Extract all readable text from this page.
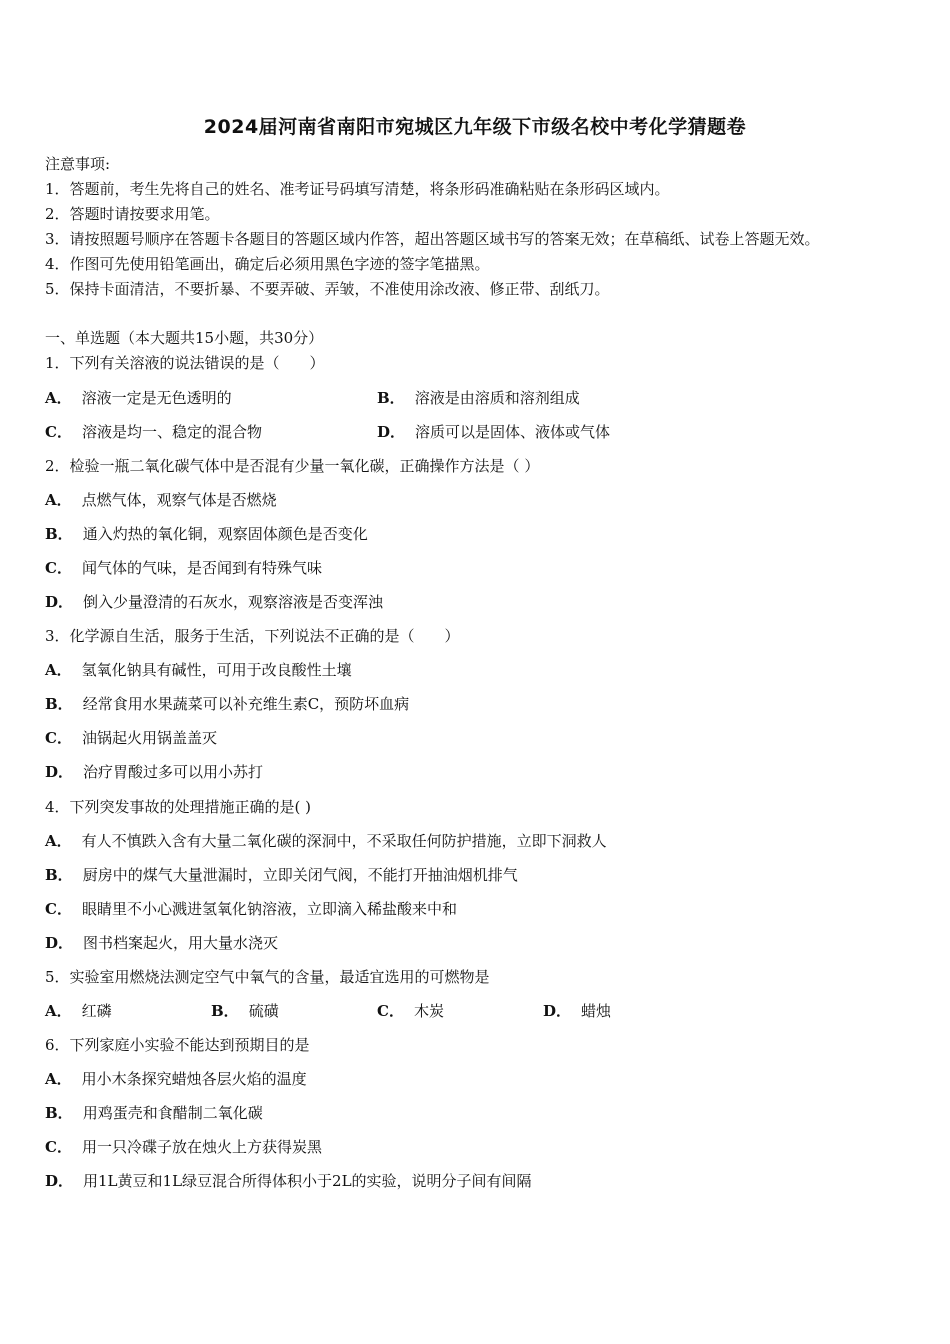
2024届河南省南阳市宛城区九年级下市级名校中考化学猜题卷
注意事项:
1．答题前，考生先将自己的姓名、准考证号码填写清楚，将条形码准确粘贴在条形码区域内。
2．答题时请按要求用笔。
3．请按照题号顺序在答题卡各题目的答题区域内作答，超出答题区域书写的答案无效；在草稿纸、试卷上答题无效。
4．作图可先使用铅笔画出，确定后必须用黑色字迹的签字笔描黑。
5．保持卡面清洁，不要折暴、不要弄破、弄皱，不准使用涂改液、修正带、刮纸刀。
一、单选题（本大题共15小题，共30分）
1．下列有关溶液的说法错误的是（　　）
A． 溶液一定是无色透明的	B． 溶液是由溶质和溶剂组成
C． 溶液是均一、稳定的混合物	D． 溶质可以是固体、液体或气体
2．检验一瓶二氧化碳气体中是否混有少量一氧化碳，正确操作方法是（ ）
A． 点燃气体，观察气体是否燃烧
B． 通入灼热的氧化铜，观察固体颜色是否变化
C． 闻气体的气味，是否闻到有特殊气味
D． 倒入少量澄清的石灰水，观察溶液是否变浑浊
3．化学源自生活，服务于生活，下列说法不正确的是（　　）
A． 氢氧化钠具有碱性，可用于改良酸性土壤
B． 经常食用水果蔬菜可以补充维生素C，预防坏血病
C． 油锅起火用锅盖盖灭
D． 治疗胃酸过多可以用小苏打
4．下列突发事故的处理措施正确的是( )
A． 有人不慎跌入含有大量二氧化碳的深洞中，不采取任何防护措施，立即下洞救人
B． 厨房中的煤气大量泄漏时，立即关闭气阀，不能打开抽油烟机排气
C． 眼睛里不小心溅进氢氧化钠溶液，立即滴入稀盐酸来中和
D． 图书档案起火，用大量水浇灭
5．实验室用燃烧法测定空气中氧气的含量，最适宜选用的可燃物是
A． 红磷	B． 硫磺	C． 木炭	D． 蜡烛
6．下列家庭小实验不能达到预期目的是
A． 用小木条探究蜡烛各层火焰的温度
B． 用鸡蛋壳和食醋制二氧化碳
C． 用一只冷碟子放在烛火上方获得炭黑
D． 用1L黄豆和1L绿豆混合所得体积小于2L的实验，说明分子间有间隔
